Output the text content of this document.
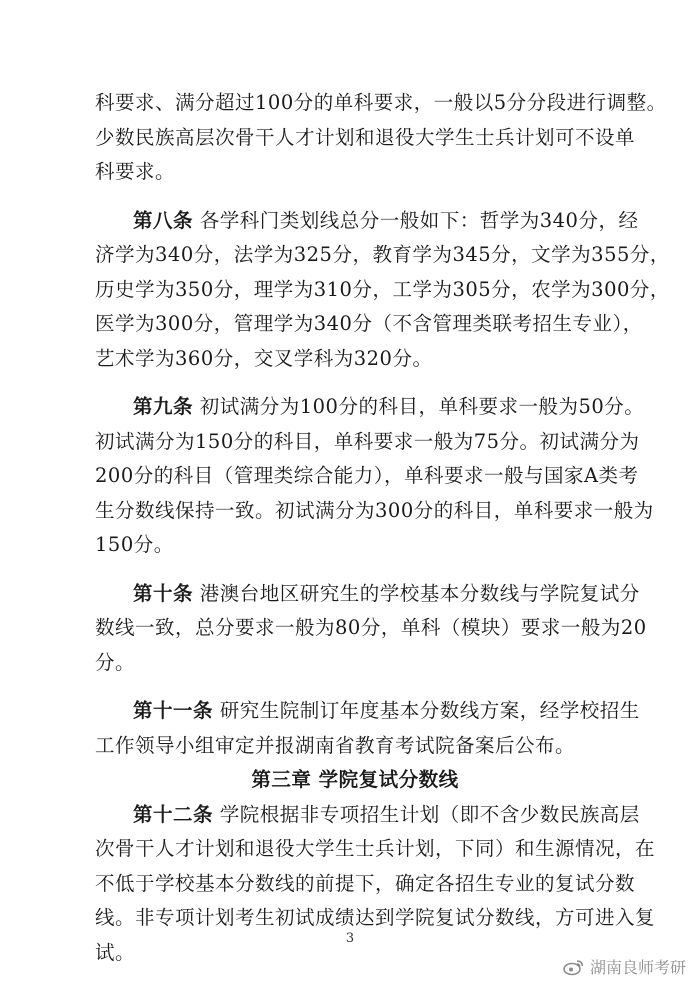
科要求、满分超过100分的单科要求，一般以5分分段进行调整。
少数民族高层次骨干人才计划和退役大学生士兵计划可不设单
科要求。
第八条 各学科门类划线总分一般如下：哲学为340分，经
济学为340分，法学为325分，教育学为345分，文学为355分，
历史学为350分，理学为310分，工学为305分，农学为300分，
医学为300分，管理学为340分（不含管理类联考招生专业），
艺术学为360分，交叉学科为320分。
第九条 初试满分为100分的科目，单科要求一般为50分。
初试满分为150分的科目，单科要求一般为75分。初试满分为
200分的科目（管理类综合能力），单科要求一般与国家A类考
生分数线保持一致。初试满分为300分的科目，单科要求一般为
150分。
第十条 港澳台地区研究生的学校基本分数线与学院复试分
数线一致，总分要求一般为80分，单科（模块）要求一般为20
分。
第十一条 研究生院制订年度基本分数线方案，经学校招生
工作领导小组审定并报湖南省教育考试院备案后公布。
第三章 学院复试分数线
第十二条 学院根据非专项招生计划（即不含少数民族高层
次骨干人才计划和退役大学生士兵计划，下同）和生源情况，在
不低于学校基本分数线的前提下，确定各招生专业的复试分数
线。非专项计划考生初试成绩达到学院复试分数线，方可进入复
试。
3
湖南良师考研
